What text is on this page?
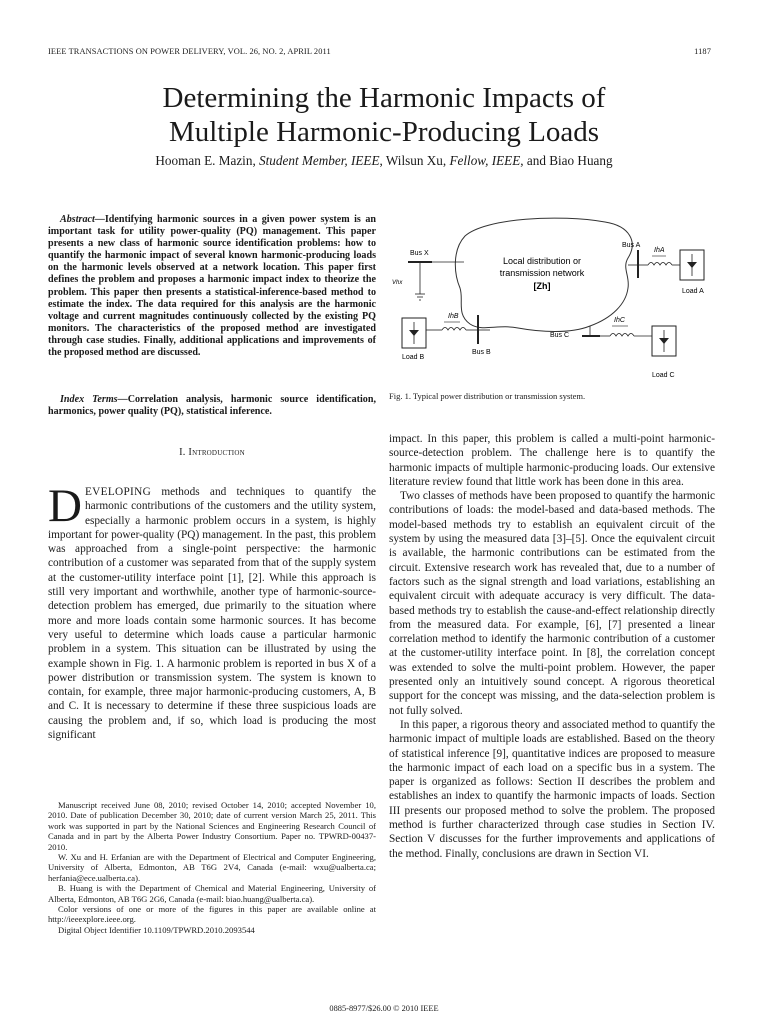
IEEE TRANSACTIONS ON POWER DELIVERY, VOL. 26, NO. 2, APRIL 2011	1187
Determining the Harmonic Impacts of
Multiple Harmonic-Producing Loads
Hooman E. Mazin, Student Member, IEEE, Wilsun Xu, Fellow, IEEE, and Biao Huang
Abstract—Identifying harmonic sources in a given power system is an important task for utility power-quality (PQ) management. This paper presents a new class of harmonic source identification problems: how to quantify the harmonic impact of several known harmonic-producing loads on the harmonic levels observed at a network location. This paper first defines the problem and proposes a harmonic impact index to theorize the problem. This paper then presents a statistical-inference-based method to estimate the index. The data required for this analysis are the harmonic voltage and current magnitudes continuously collected by the existing PQ monitors. The characteristics of the proposed method are investigated through case studies. Finally, additional applications and improvements of the proposed method are discussed.
Index Terms—Correlation analysis, harmonic source identification, harmonics, power quality (PQ), statistical inference.
I. Introduction

DEVELOPING methods and techniques to quantify the harmonic contributions of the customers and the utility system, especially a harmonic problem occurs in a system, is highly important for power-quality (PQ) management. In the past, this problem was approached from a single-point perspective: the harmonic contribution of a customer was separated from that of the supply system at the customer-utility interface point [1], [2]. While this approach is still very important and worthwhile, another type of harmonic-source-detection problem has emerged, due primarily to the situation where more and more loads contain some harmonic sources. It has become very useful to determine which loads cause a particular harmonic problem in a system. This situation can be illustrated by using the example shown in Fig. 1. A harmonic problem is reported in bus X of a power distribution or transmission system. The system is known to contain, for example, three major harmonic-producing customers, A, B and C. It is necessary to determine if these three suspicious loads are causing the problem and, if so, which load is producing the most significant

Manuscript received June 08, 2010; revised October 14, 2010; accepted November 10, 2010. Date of publication December 30, 2010; date of current version March 25, 2011. This work was supported in part by the National Sciences and Engineering Research Council of Canada and in part by the Alberta Power Industry Consortium. Paper no. TPWRD-00437-2010.

W. Xu and H. Erfanian are with the Department of Electrical and Computer Engineering, University of Alberta, Edmonton, AB T6G 2V4, Canada (e-mail: wxu@ualberta.ca; herfania@ece.ualberta.ca).

B. Huang is with the Department of Chemical and Material Engineering, University of Alberta, Edmonton, AB T6G 2G6, Canada (e-mail: biao.huang@ualberta.ca).

Color versions of one or more of the figures in this paper are available online at http://ieeexplore.ieee.org.

Digital Object Identifier 10.1109/TPWRD.2010.2093544

Local distribution or
transmission network
[Zh]
Bus X
Vhx
Bus A
IhA
Load A
Load B
IhB
Bus B
Bus C
IhC
Load C
Fig. 1. Typical power distribution or transmission system.

impact. In this paper, this problem is called a multi-point harmonic-source-detection problem. The challenge here is to quantify the harmonic impacts of multiple harmonic-producing loads. Our extensive literature review found that little work has been done in this area.

Two classes of methods have been proposed to quantify the harmonic contributions of loads: the model-based and data-based methods. The model-based methods try to establish an equivalent circuit of the system by using the measured data [3]–[5]. Once the equivalent circuit is available, the harmonic contributions can be estimated from the circuit. Extensive research work has revealed that, due to a number of factors such as the signal strength and load variations, establishing an equivalent circuit with adequate accuracy is very difficult. The data-based methods try to establish the cause-and-effect relationship directly from the measured data. For example, [6], [7] presented a linear correlation method to identify the harmonic contribution of a customer at the customer-utility interface point. In [8], the correlation concept was extended to solve the multi-point problem. However, the paper presented only an intuitively sound concept. A rigorous theoretical support for the concept was missing, and the data-selection problem is not fully solved.

In this paper, a rigorous theory and associated method to quantify the harmonic impact of multiple loads are established. Based on the theory of statistical inference [9], quantitative indices are proposed to measure the harmonic impact of each load on a specific bus in a system. The paper is organized as follows: Section II describes the problem and establishes an index to quantify the harmonic impacts of loads. Section III presents our proposed method to solve the problem. The proposed method is further characterized through case studies in Section IV. Section V discusses for the further improvements and applications of the method. Finally, conclusions are drawn in Section VI.

0885-8977/$26.00 © 2010 IEEE
